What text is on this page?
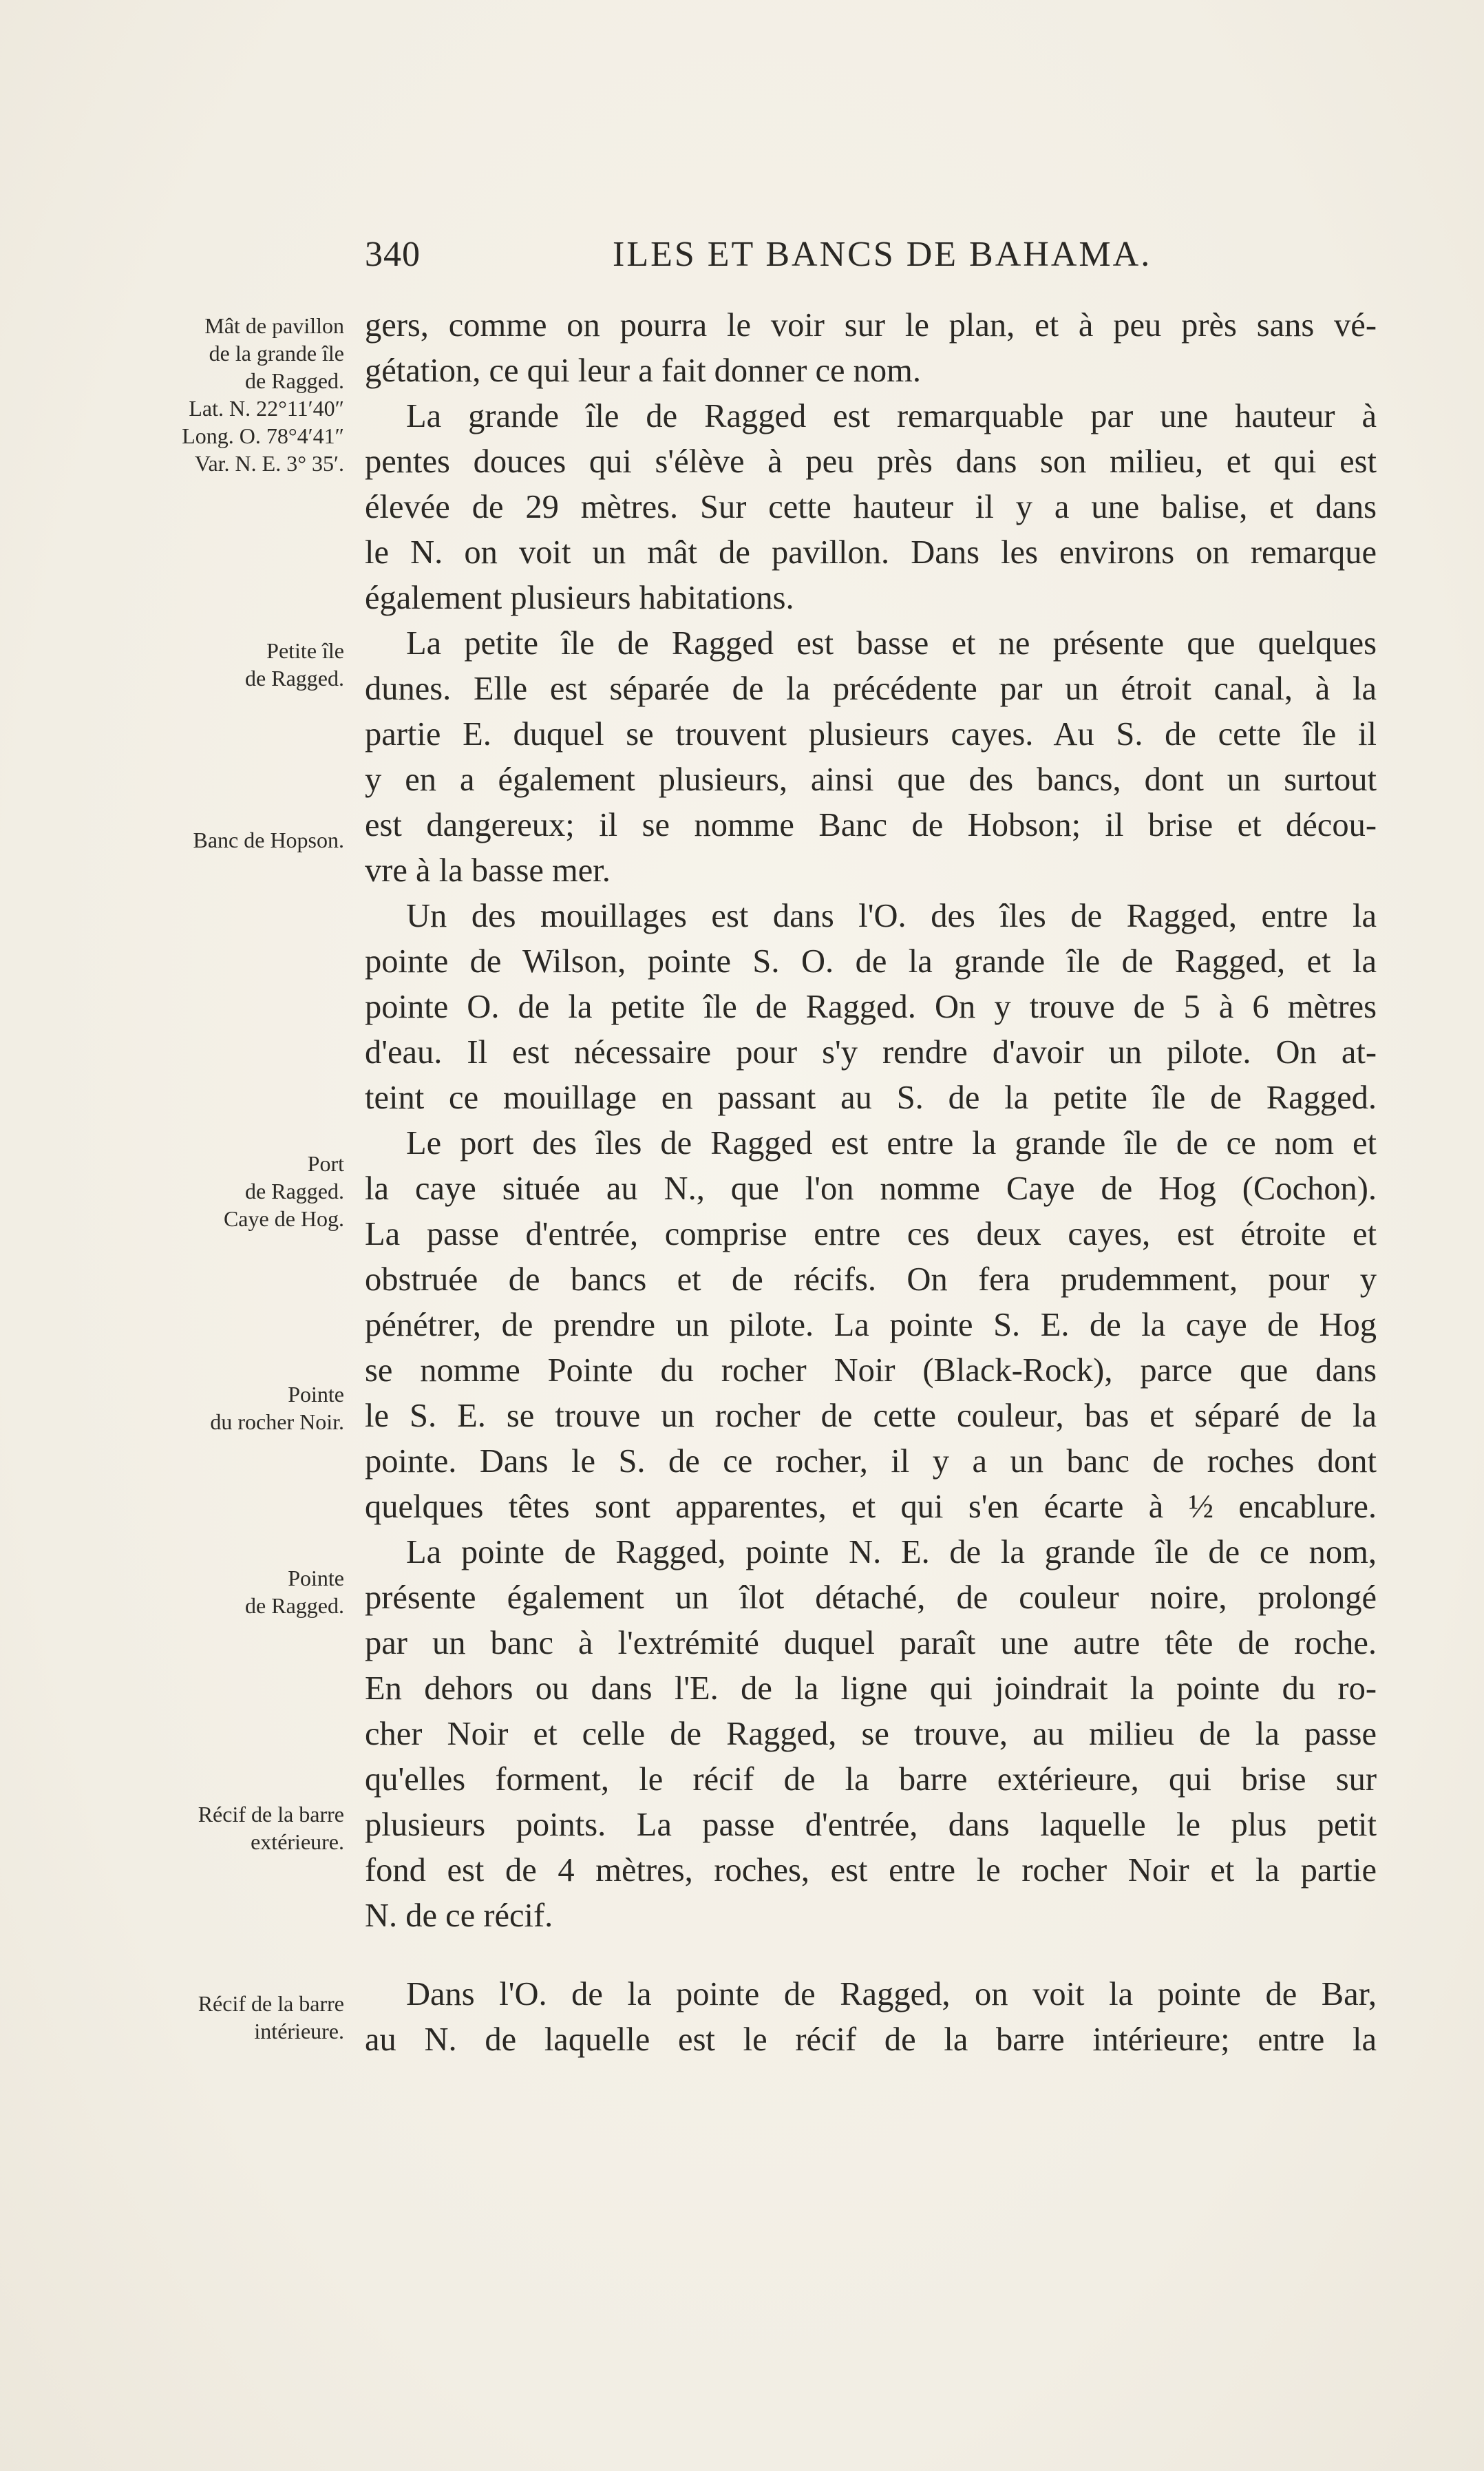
340	ILES ET BANCS DE BAHAMA.
Mât de pavillon
de la grande île
de Ragged.
Lat. N. 22°11′40″
Long. O. 78°4′41″
Var. N. E. 3° 35′.
Petite île
de Ragged.
Banc de Hopson.
Port
de Ragged.
Caye de Hog.
Pointe
du rocher Noir.
Pointe
de Ragged.
Récif de la barre
extérieure.
Récif de la barre
intérieure.
gers, comme on pourra le voir sur le plan, et à peu près sans vé-
gétation, ce qui leur a fait donner ce nom.
La grande île de Ragged est remarquable par une hauteur à
pentes douces qui s'élève à peu près dans son milieu, et qui est
élevée de 29 mètres. Sur cette hauteur il y a une balise, et dans
le N. on voit un mât de pavillon. Dans les environs on remarque
également plusieurs habitations.
La petite île de Ragged est basse et ne présente que quelques
dunes. Elle est séparée de la précédente par un étroit canal, à la
partie E. duquel se trouvent plusieurs cayes. Au S. de cette île il
y en a également plusieurs, ainsi que des bancs, dont un surtout
est dangereux; il se nomme Banc de Hobson; il brise et décou-
vre à la basse mer.
Un des mouillages est dans l'O. des îles de Ragged, entre la
pointe de Wilson, pointe S. O. de la grande île de Ragged, et la
pointe O. de la petite île de Ragged. On y trouve de 5 à 6 mètres
d'eau. Il est nécessaire pour s'y rendre d'avoir un pilote. On at-
teint ce mouillage en passant au S. de la petite île de Ragged.
Le port des îles de Ragged est entre la grande île de ce nom et
la caye située au N., que l'on nomme Caye de Hog (Cochon).
La passe d'entrée, comprise entre ces deux cayes, est étroite et
obstruée de bancs et de récifs. On fera prudemment, pour y
pénétrer, de prendre un pilote. La pointe S. E. de la caye de Hog
se nomme Pointe du rocher Noir (Black-Rock), parce que dans
le S. E. se trouve un rocher de cette couleur, bas et séparé de la
pointe. Dans le S. de ce rocher, il y a un banc de roches dont
quelques têtes sont apparentes, et qui s'en écarte à ½ encablure.
La pointe de Ragged, pointe N. E. de la grande île de ce nom,
présente également un îlot détaché, de couleur noire, prolongé
par un banc à l'extrémité duquel paraît une autre tête de roche.
En dehors ou dans l'E. de la ligne qui joindrait la pointe du ro-
cher Noir et celle de Ragged, se trouve, au milieu de la passe
qu'elles forment, le récif de la barre extérieure, qui brise sur
plusieurs points. La passe d'entrée, dans laquelle le plus petit
fond est de 4 mètres, roches, est entre le rocher Noir et la partie
N. de ce récif.
Dans l'O. de la pointe de Ragged, on voit la pointe de Bar,
au N. de laquelle est le récif de la barre intérieure; entre la
